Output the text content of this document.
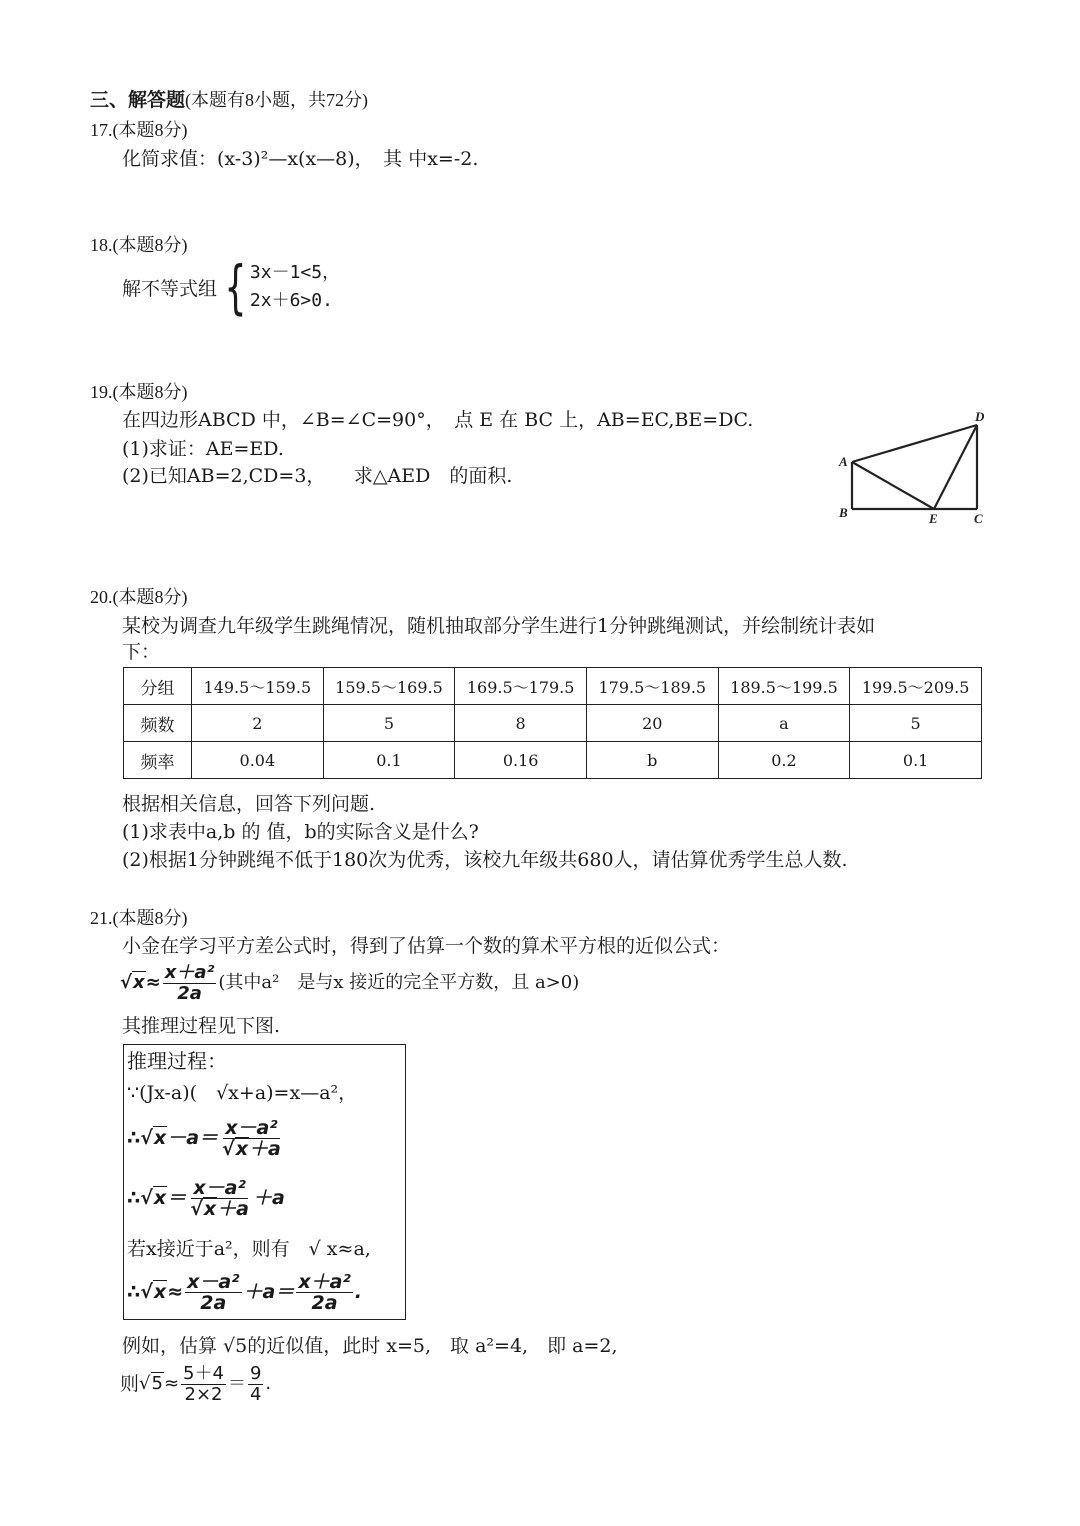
三、解答题(本题有8小题，共72分)
17.(本题8分)
化简求值：(x-3)²—x(x—8)，　其 中x=-2.
18.(本题8分)
解不等式组 { 3x－1<5，
2x＋6>0.
19.(本题8分)
在四边形ABCD 中，∠B=∠C=90°，　点 E 在 BC 上，AB=EC,BE=DC.
(1)求证：AE=ED.
(2)已知AB=2,CD=3，　　求△AED　的面积.
A
B	C
D
E
20.(本题8分)
某校为调查九年级学生跳绳情况，随机抽取部分学生进行1分钟跳绳测试，并绘制统计表如
下：
分组	149.5～159.5	159.5～169.5	169.5～179.5	179.5～189.5	189.5～199.5	199.5～209.5
频数	2	5	8	20	a	5
频率	0.04	0.1	0.16	b	0.2	0.1
根据相关信息，回答下列问题.
(1)求表中a,b 的 值，b的实际含义是什么?
(2)根据1分钟跳绳不低于180次为优秀，该校九年级共680人，请估算优秀学生总人数.
21.(本题8分)
小金在学习平方差公式时，得到了估算一个数的算术平方根的近似公式：
$√x\approx \frac{\text{x＋a²}}{2a}$ (其中a²　是与x 接近的完全平方数，且 a>0)
其推理过程见下图.
推理过程：
∵(Jx-a)(　√x+a)=x—a²，
∴ $√x -a= \frac{\text{x－a²}}{√x+a}$
∴ $√x = \frac{\text{x－a²}}{√x+a} +a$
若x接近于a²，则有　√ x≈a,
∴ $√x \approx \frac{\text{x－a²}}{2a} +a= \frac{\text{x＋a²}}{2a}$ .
例如，估算 √5的近似值，此时 x=5,　取 a²=4,　即 a=2,
则 $√5 \approx \frac{5+4}{2\times 2} = \frac{9}{4}$ .
